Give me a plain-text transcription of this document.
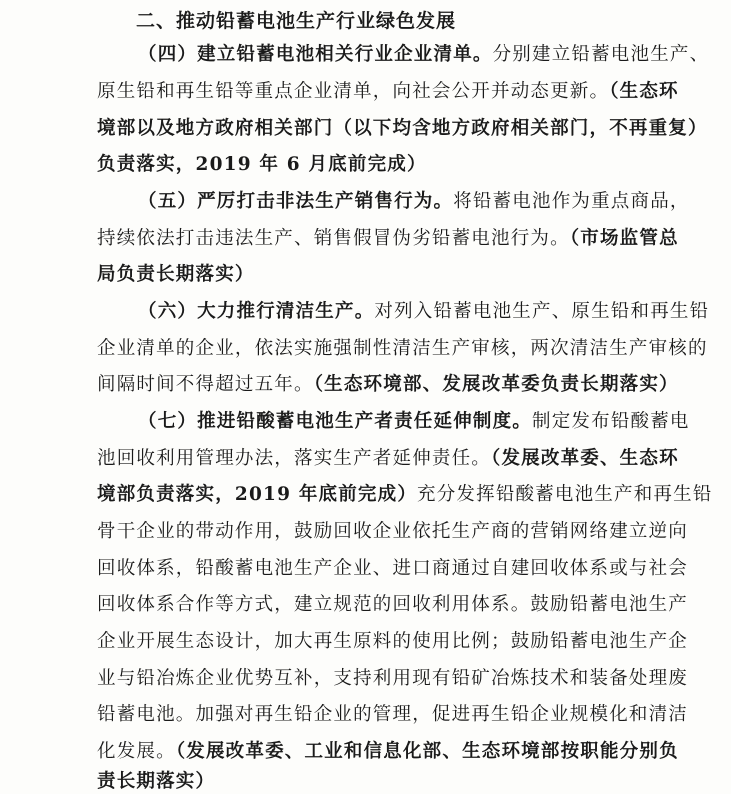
二、推动铅蓄电池生产行业绿色发展
（四）建立铅蓄电池相关行业企业清单。分别建立铅蓄电池生产、
原生铅和再生铅等重点企业清单，向社会公开并动态更新。（生态环
境部以及地方政府相关部门（以下均含地方政府相关部门，不再重复）
负责落实，2019 年 6 月底前完成）
（五）严厉打击非法生产销售行为。将铅蓄电池作为重点商品，
持续依法打击违法生产、销售假冒伪劣铅蓄电池行为。（市场监管总
局负责长期落实）
（六）大力推行清洁生产。对列入铅蓄电池生产、原生铅和再生铅
企业清单的企业，依法实施强制性清洁生产审核，两次清洁生产审核的
间隔时间不得超过五年。（生态环境部、发展改革委负责长期落实）
（七）推进铅酸蓄电池生产者责任延伸制度。制定发布铅酸蓄电
池回收利用管理办法，落实生产者延伸责任。（发展改革委、生态环
境部负责落实，2019 年底前完成）充分发挥铅酸蓄电池生产和再生铅
骨干企业的带动作用，鼓励回收企业依托生产商的营销网络建立逆向
回收体系，铅酸蓄电池生产企业、进口商通过自建回收体系或与社会
回收体系合作等方式，建立规范的回收利用体系。鼓励铅蓄电池生产
企业开展生态设计，加大再生原料的使用比例；鼓励铅蓄电池生产企
业与铅冶炼企业优势互补，支持利用现有铅矿冶炼技术和装备处理废
铅蓄电池。加强对再生铅企业的管理，促进再生铅企业规模化和清洁
化发展。（发展改革委、工业和信息化部、生态环境部按职能分别负
责长期落实）
